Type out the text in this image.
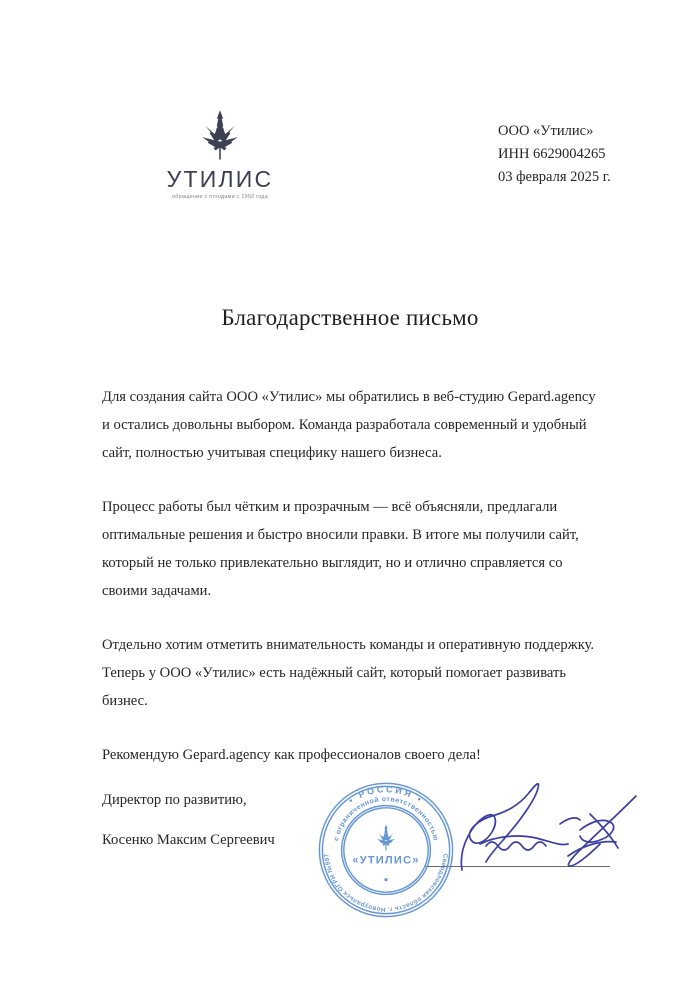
УТИЛИС
обращение с отходами с 1992 года
ООО «Утилис»
ИНН 6629004265
03 февраля 2025 г.
Благодарственное письмо

Для создания сайта ООО «Утилис» мы обратились в веб-студию Gepard.agency и остались довольны выбором. Команда разработала современный и удобный сайт, полностью учитывая специфику нашего бизнеса.

Процесс работы был чётким и прозрачным — всё объясняли, предлагали оптимальные решения и быстро вносили правки. В итоге мы получили сайт, который не только привлекательно выглядит, но и отлично справляется со своими задачами.

Отдельно хотим отметить внимательность команды и оперативную поддержку. Теперь у ООО «Утилис» есть надёжный сайт, который помогает развивать бизнес.

Рекомендую Gepard.agency как профессионалов своего дела!

Директор по развитию,
Косенко Максим Сергеевич
• РОССИЯ •
с ограниченной ответственностью
Свердловская область г. Новоуральск ОГРН №997	«УТИЛИС»
